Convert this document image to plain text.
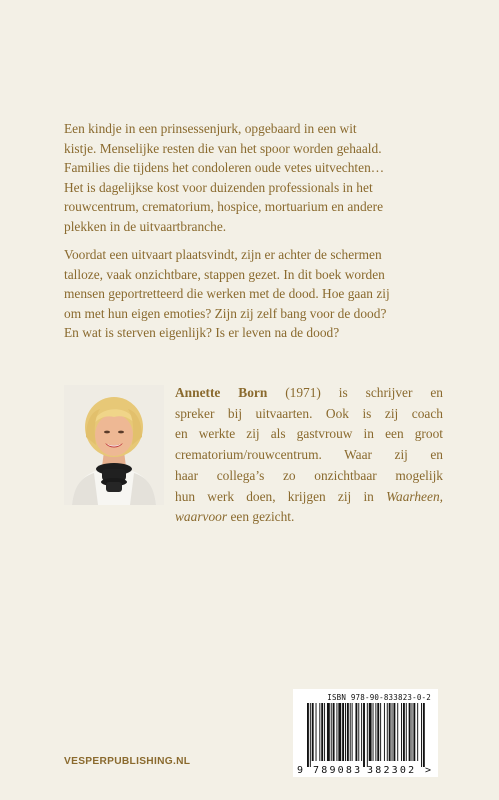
Een kindje in een prinsessenjurk, opgebaard in een wit
kistje. Menselijke resten die van het spoor worden gehaald.
Families die tijdens het condoleren oude vetes uitvechten…
Het is dagelijkse kost voor duizenden professionals in het
rouwcentrum, crematorium, hospice, mortuarium en andere
plekken in de uitvaartbranche.
Voordat een uitvaart plaatsvindt, zijn er achter de schermen
talloze, vaak onzichtbare, stappen gezet. In dit boek worden
mensen geportretteerd die werken met de dood. Hoe gaan zij
om met hun eigen emoties? Zijn zij zelf bang voor de dood?
En wat is sterven eigenlijk? Is er leven na de dood?
Annette Born (1971) is schrijver en
spreker bij uitvaarten. Ook is zij coach
en werkte zij als gastvrouw in een groot
crematorium/rouwcentrum. Waar zij en
haar collega’s zo onzichtbaar mogelijk
hun werk doen, krijgen zij in Waarheen,
waarvoor een gezicht.
VESPERPUBLISHING.NL
ISBN 978-90-833823-0-2
9 789083 382302 >
